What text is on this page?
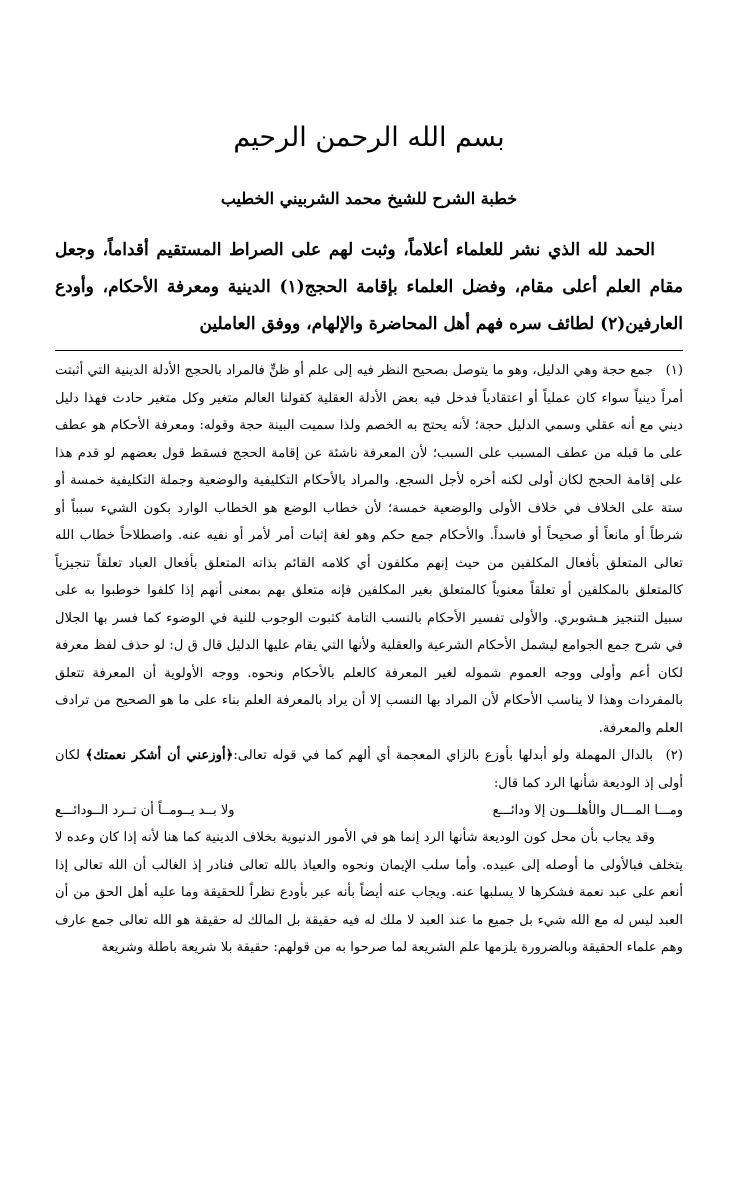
بسم الله الرحمن الرحيم
خطبة الشرح للشيخ محمد الشربيني الخطيب

الحمد لله الذي نشر للعلماء أعلاماً، وثبت لهم على الصراط المستقيم أقداماً، وجعل مقام العلم أعلى مقام، وفضل العلماء بإقامة الحجج(١) الدينية ومعرفة الأحكام، وأودع العارفين(٢) لطائف سره فهم أهل المحاضرة والإلهام، ووفق العاملين

(١)جمع حجة وهي الدليل، وهو ما يتوصل بصحيح النظر فيه إلى علم أو ظنٍّ فالمراد بالحجج الأدلة الدينية التي أثبتت أمراً دينياً سواء كان عملياً أو اعتقادياً فدخل فيه بعض الأدلة العقلية كقولنا العالم متغير وكل متغير حادث فهذا دليل ديني مع أنه عقلي وسمي الدليل حجة؛ لأنه يحتج به الخصم ولذا سميت البينة حجة وقوله: ومعرفة الأحكام هو عطف على ما قبله من عطف المسبب على السبب؛ لأن المعرفة ناشئة عن إقامة الحجج فسقط قول بعضهم لو قدم هذا على إقامة الحجج لكان أولى لكنه أخره لأجل السجع. والمراد بالأحكام التكليفية والوضعية وجملة التكليفية خمسة أو ستة على الخلاف في خلاف الأولى والوضعية خمسة؛ لأن خطاب الوضع هو الخطاب الوارد بكون الشيء سبباً أو شرطاً أو مانعاً أو صحيحاً أو فاسداً. والأحكام جمع حكم وهو لغة إثبات أمر لأمر أو نفيه عنه. واصطلاحاً خطاب الله تعالى المتعلق بأفعال المكلفين من حيث إنهم مكلفون أي كلامه القائم بذاته المتعلق بأفعال العباد تعلقاً تنجيزياً كالمتعلق بالمكلفين أو تعلقاً معنوياً كالمتعلق بغير المكلفين فإنه متعلق بهم بمعنى أنهم إذا كلفوا خوطبوا به على سبيل التنجيز هـشوبري. والأولى تفسير الأحكام بالنسب التامة كثبوت الوجوب للنية في الوضوء كما فسر بها الجلال في شرح جمع الجوامع ليشمل الأحكام الشرعية والعقلية ولأنها التي يقام عليها الدليل قال ق ل: لو حذف لفظ معرفة لكان أعم وأولى ووجه العموم شموله لغير المعرفة كالعلم بالأحكام ونحوه. ووجه الأولوية أن المعرفة تتعلق بالمفردات وهذا لا يناسب الأحكام لأن المراد بها النسب إلا أن يراد بالمعرفة العلم بناء على ما هو الصحيح من ترادف العلم والمعرفة.

(٢)بالدال المهملة ولو أبدلها بأوزع بالزاي المعجمة أي ألهم كما في قوله تعالى:﴿أوزعني أن أشكر نعمتك﴾ لكان أولى إذ الوديعة شأنها الرد كما قال:

ومـــا المـــال والأهلـــون إلا ودائـــع
ولا بــد يــومــاً أن تــرد الــودائـــع

وقد يجاب بأن محل كون الوديعة شأنها الرد إنما هو في الأمور الدنيوية بخلاف الدينية كما هنا لأنه إذا كان وعده لا يتخلف فبالأولى ما أوصله إلى عبيده. وأما سلب الإيمان ونحوه والعياذ بالله تعالى فنادر إذ الغالب أن الله تعالى إذا أنعم على عبد نعمة فشكرها لا يسلبها عنه. ويجاب عنه أيضاً بأنه عبر بأودع نظراً للحقيقة وما عليه أهل الحق من أن العبد ليس له مع الله شيء بل جميع ما عند العبد لا ملك له فيه حقيقة بل المالك له حقيقة هو الله تعالى جمع عارف وهم علماء الحقيقة وبالضرورة يلزمها علم الشريعة لما صرحوا به من قولهم: حقيقة بلا شريعة باطلة وشريعة
